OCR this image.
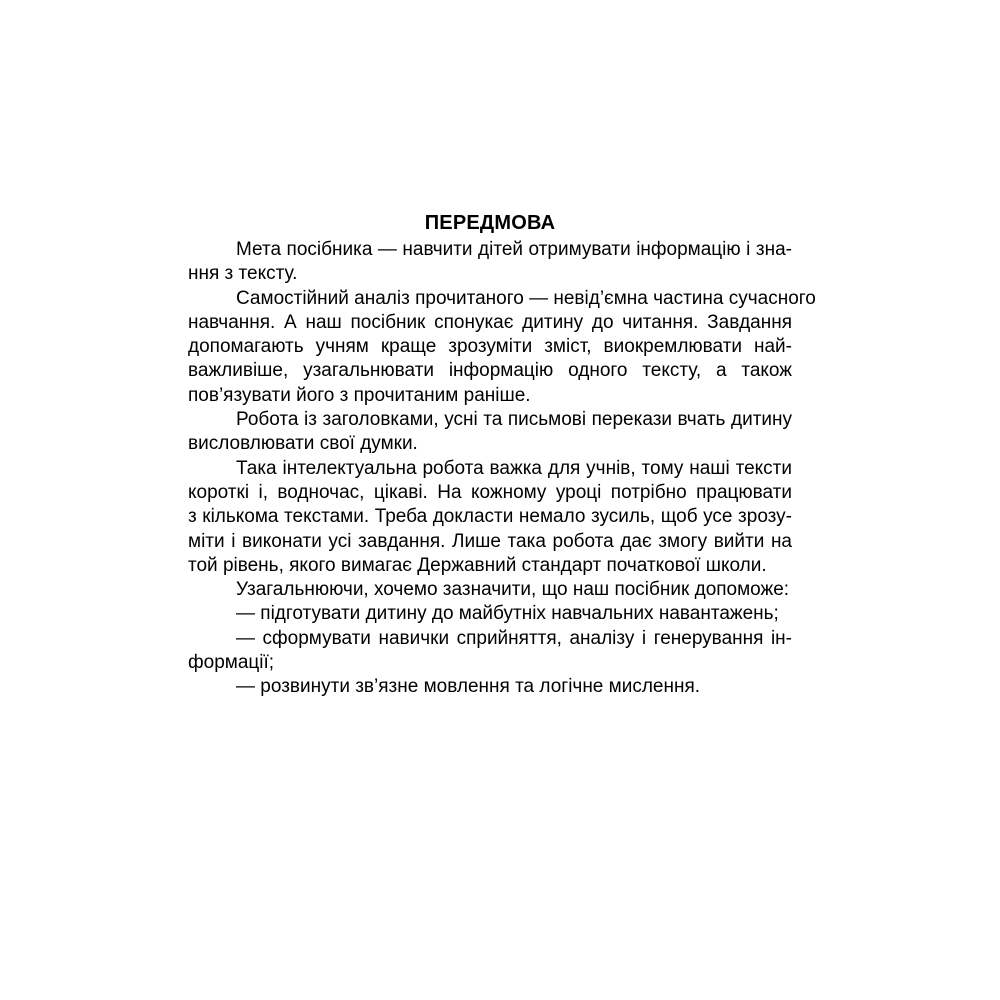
ПЕРЕДМОВА

Мета посібника — навчити дітей отримувати інформацію і зна-
ння з тексту.

Самостійний аналіз прочитаного — невід’ємна частина сучасного
навчання. А наш посібник спонукає дитину до читання. Завдання
допомагають учням краще зрозуміти зміст, виокремлювати най-
важливіше, узагальнювати інформацію одного тексту, а також
пов’язувати його з прочитаним раніше.

Робота із заголовками, усні та письмові перекази вчать дитину
висловлювати свої думки.

Така інтелектуальна робота важка для учнів, тому наші тексти
короткі і, водночас, цікаві. На кожному уроці потрібно працювати
з кількома текстами. Треба докласти немало зусиль, щоб усе зрозу-
міти і виконати усі завдання. Лише така робота дає змогу вийти на
той рівень, якого вимагає Державний стандарт початкової школи.

Узагальнюючи, хочемо зазначити, що наш посібник допоможе:

— підготувати дитину до майбутніх навчальних навантажень;

— сформувати навички сприйняття, аналізу і генерування ін-
формації;

— розвинути зв’язне мовлення та логічне мислення.
